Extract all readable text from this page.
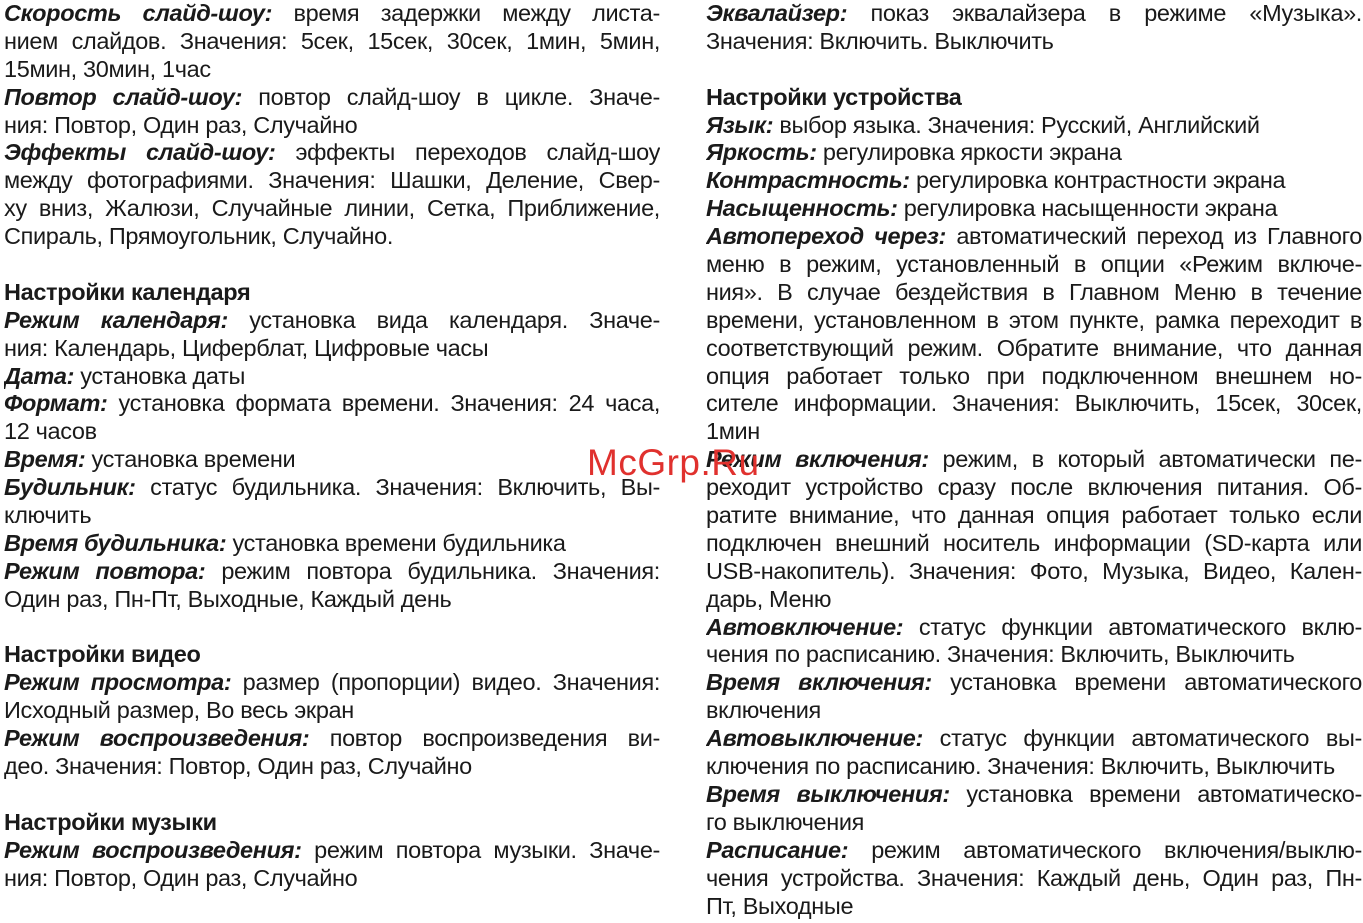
Скорость слайд-шоу: время задержки между листа-
нием слайдов. Значения: 5сек, 15сек, 30сек, 1мин, 5мин,
15мин, 30мин, 1час
Повтор слайд-шоу: повтор слайд-шоу в цикле. Значе-
ния: Повтор, Один раз, Случайно
Эффекты слайд-шоу: эффекты переходов слайд-шоу
между фотографиями. Значения: Шашки, Деление, Свер-
ху вниз, Жалюзи, Случайные линии, Сетка, Приближение,
Спираль, Прямоугольник, Случайно.
Настройки календаря
Режим календаря: установка вида календаря. Значе-
ния: Календарь, Циферблат, Цифровые часы
Дата: установка даты
Формат: установка формата времени. Значения: 24 часа,
12 часов
Время: установка времени
Будильник: статус будильника. Значения: Включить, Вы-
ключить
Время будильника: установка времени будильника
Режим повтора: режим повтора будильника. Значения:
Один раз, Пн-Пт, Выходные, Каждый день
Настройки видео
Режим просмотра: размер (пропорции) видео. Значения:
Исходный размер, Во весь экран
Режим воспроизведения: повтор воспроизведения ви-
део. Значения: Повтор, Один раз, Случайно
Настройки музыки
Режим воспроизведения: режим повтора музыки. Значе-
ния: Повтор, Один раз, Случайно
Эквалайзер: показ эквалайзера в режиме «Музыка».
Значения: Включить. Выключить
Настройки устройства
Язык: выбор языка. Значения: Русский, Английский
Яркость: регулировка яркости экрана
Контрастность: регулировка контрастности экрана
Насыщенность: регулировка насыщенности экрана
Автопереход через: автоматический переход из Главного
меню в режим, установленный в опции «Режим включе-
ния». В случае бездействия в Главном Меню в течение
времени, установленном в этом пункте, рамка переходит в
соответствующий режим. Обратите внимание, что данная
опция работает только при подключенном внешнем но-
сителе информации. Значения: Выключить, 15сек, 30сек,
1мин
Режим включения: режим, в который автоматически пе-
реходит устройство сразу после включения питания. Об-
ратите внимание, что данная опция работает только если
подключен внешний носитель информации (SD-карта или
USB-накопитель). Значения: Фото, Музыка, Видео, Кален-
дарь, Меню
Автовключение: статус функции автоматического вклю-
чения по расписанию. Значения: Включить, Выключить
Время включения: установка времени автоматического
включения
Автовыключение: статус функции автоматического вы-
ключения по расписанию. Значения: Включить, Выключить
Время выключения: установка времени автоматическо-
го выключения
Расписание: режим автоматического включения/выклю-
чения устройства. Значения: Каждый день, Один раз, Пн-
Пт, Выходные
McGrp.Ru
